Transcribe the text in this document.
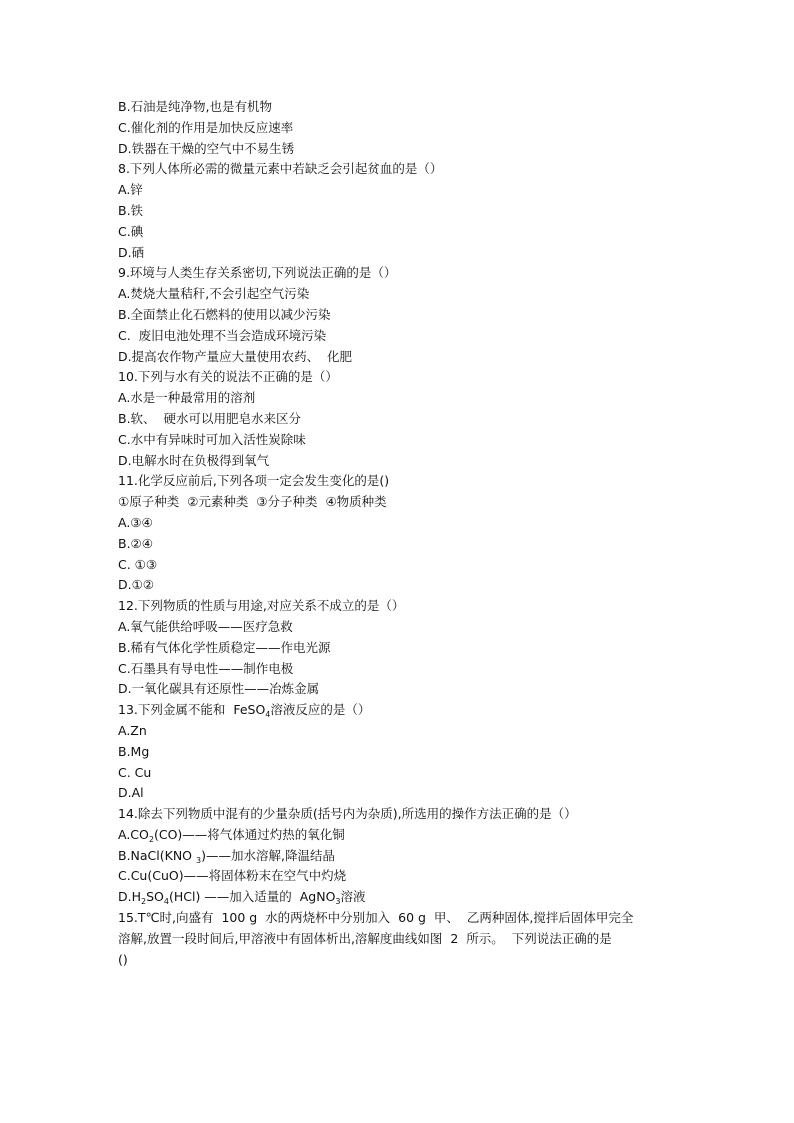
B.石油是纯净物,也是有机物
C.催化剂的作用是加快反应速率
D.铁器在干燥的空气中不易生锈
8.下列人体所必需的微量元素中若缺乏会引起贫血的是（）
A.锌
B.铁
C.碘
D.硒
9.环境与人类生存关系密切,下列说法正确的是（）
A.焚烧大量秸秆,不会引起空气污染
B.全面禁止化石燃料的使用以减少污染
C.  废旧电池处理不当会造成环境污染
D.提高农作物产量应大量使用农药、  化肥
10.下列与水有关的说法不正确的是（）
A.水是一种最常用的溶剂
B.软、  硬水可以用肥皂水来区分
C.水中有异味时可加入活性炭除味
D.电解水时在负极得到氧气
11.化学反应前后,下列各项一定会发生变化的是()
①原子种类  ②元素种类  ③分子种类  ④物质种类
A.③④
B.②④
C. ①③
D.①②
12.下列物质的性质与用途,对应关系不成立的是（）
A.氧气能供给呼吸——医疗急救
B.稀有气体化学性质稳定——作电光源
C.石墨具有导电性——制作电极
D.一氧化碳具有还原性——冶炼金属
13.下列金属不能和  FeSO$_4$溶液反应的是（）
A.Zn
B.Mg
C. Cu
D.Al
14.除去下列物质中混有的少量杂质(括号内为杂质),所选用的操作方法正确的是（）
$A.CO_2(CO)——$将气体通过灼热的氧化铜
B.NaCl(KNO $_3$)——加水溶解,降温结晶
C.Cu(CuO)——将固体粉末在空气中灼烧
$D.H_2SO_4(HCl)$ ——加入适量的  AgNO$_3$溶液
15.T℃时,向盛有  100 g  水的两烧杯中分别加入  60 g  甲、  乙两种固体,搅拌后固体甲完全
溶解,放置一段时间后,甲溶液中有固体析出,溶解度曲线如图  2  所示。  下列说法正确的是
()
